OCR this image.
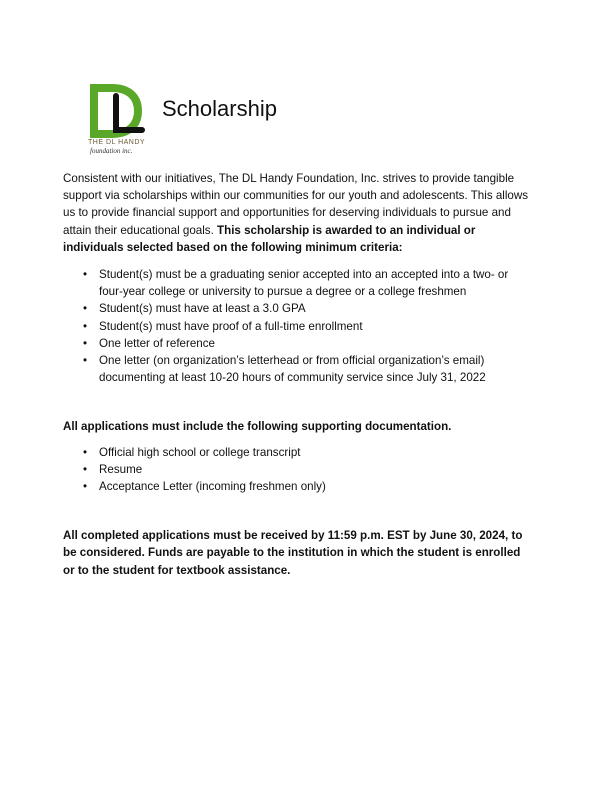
THE DL HANDY
foundation inc.
Scholarship

Consistent with our initiatives, The DL Handy Foundation, Inc. strives to provide tangible support via scholarships within our communities for our youth and adolescents. This allows us to provide financial support and opportunities for deserving individuals to pursue and attain their educational goals. This scholarship is awarded to an individual or individuals selected based on the following minimum criteria:

• Student(s) must be a graduating senior accepted into an accepted into a two- or four-year college or university to pursue a degree or a college freshmen
• Student(s) must have at least a 3.0 GPA
• Student(s) must have proof of a full-time enrollment
• One letter of reference
• One letter (on organization’s letterhead or from official organization’s email) documenting at least 10-20 hours of community service since July 31, 2022

All applications must include the following supporting documentation.

• Official high school or college transcript
• Resume
• Acceptance Letter (incoming freshmen only)

All completed applications must be received by 11:59 p.m. EST by June 30, 2024, to be considered. Funds are payable to the institution in which the student is enrolled or to the student for textbook assistance.
